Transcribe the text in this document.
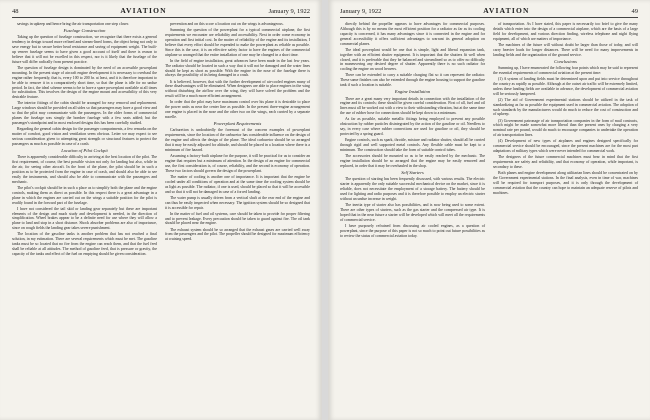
48	AVIATION	January 9, 1922

savings in upkeep and hence bring the air transportation one step closer.

Fuselage Construction

Taking up the question of fuselage construction, we recognize that there exists a general tendency in design toward more refined and stream-lined forms, the object being not only to save energy but to secure better head resistance and saving of equipment weight. The built-up veneer fuselage seems to have given a good account of itself and there is reason to believe that it will not be excelled in this respect, nor is it likely that the fuselage of the future will differ radically from present practice.

The question of fuselage design is dominated by the need of an accessible powerplant mounting. In the present stage of aircraft engine development it is necessary to overhaul the engine rather frequently, that is, every 100 to 200 hr. at least, and it is therefore important to be able to remove it in a comparatively short time, so that the plane is idle for no undue period. In fact, the ideal scheme seems to be to have a spare powerplant available at all times for substitution. This involves the design of the engine mount and accessibility of this very desirable feature.

The interior fittings of the cabin should be arranged for easy removal and replacement. Large windows should be provided on all sides so that passengers may have a good view and so that the pilot may communicate with the passengers. In the older forms of commercial planes the fuselage was simply the bomber fuselage with a few seats added; but the passenger's standpoint and in most enclosed designs this has been carefully studied.

Regarding the general cabin design for the passenger compartments, a few remarks on the matter of comfort, good vision and ventilation seem obvious. Letter we may expect to see serious consideration given to attempting great strength or structural features to protect the passengers as much as possible in case of a crash.

Location of Pilot Cockpit

There is apparently considerable difficulty in arriving at the best location of the pilot. The first requirement, of course, the best possible vision not only for landing but also, while in the air, for seeing other aircraft. In the front of the plane, the pilot should be in such a position as to be protected from the engine in case of crash, and should also be able to see easily the instruments, and should also be able to communicate with the passengers and mechanic.

The pilot's cockpit should be in such a place as to simplify both the plane and the engine controls, making them as direct as possible. In this respect there is a great advantage in a plane in which the engines are carried out on the wings a suitable position for the pilot is readily found in the forward part of the fuselage.

I have not considered the tail skid or landing gear separately but these are important elements of the design and much study and development is needed, in the direction of simplification. Wheel brakes appear to be a definite need for use where they will allow a plane to land and stop in a short distance. Shock absorber problems are also of importance, since on rough fields the landing gear takes severe punishment.

The location of the gasoline tanks is another problem that has not reached a final solution, in my estimation. There are several requirements which must be met. The gasoline tanks must be so located that no fire from the engine can reach them, and that the fuel feed shall be reliable at all attitudes. The method of gasoline feed, that is pressure or gravity, the capacity of the tanks and effect of the fuel on emptying should be given consideration.

prevention and on this score a location out on the wings is advantageous.

Summing the question of the powerplant for a typical commercial airplane, the first requirements we encounter are reliability and accessibility. Next in order come economy in operation and first initial cost. In the matter of reliability of the engine and its installation, I believe that every effort should be expended to make the powerplant as reliable as possible. Since this is the case, it is an effective safety factor to have the engines of the commercial airplane so arranged that the entire installation of one may be changed in a short time.

In the field of engine installation, great advances have been made in the last few years. The radiator should be located in such a way that it will not be damaged and the water lines should be kept as short as possible. With the engine in the nose of the fuselage there is always the possibility of its being damaged in a crash.

It is believed, however, that with the further development of air-cooled engines many of these disadvantages will be eliminated. When designers are able to place engines in the wing without disturbing the airflow over the wing, they will have solved the problem and the result will be a much more efficient arrangement.

In order that the pilot may have maximum control over his plane it is desirable to place the power units as near the center line as possible. In the present three-engine arrangement one engine is placed in the nose and the other two on the wings, each carried by a separate nacelle.

Powerplant Requirements

Carburetion is undoubtedly the foremost of the concern examples of powerplant requirements, since the location of the carburetor has considerable influence on the design of the engine and affects the design of the plane. The ideal carburetor should be so arranged that it may be easily adjusted for altitude, and should be placed in a location where there is a minimum of fire hazard.

Assuming a factory-built airplane for the purpose, it will be practical for us to consider an engine that requires but a minimum of attention. In the design of an engine for commercial use, the first consideration is, of course, reliability, and the second is economy of operation. These two factors should govern the design of the powerplant.

The matter of cooling is another one of importance. It is important that the engine be cooled under all conditions of operation and at the same time the cooling system should be as light as possible. The radiator, if one is used, should be placed so that it will be accessible and so that it will not be damaged in case of a forced landing.

The water pump is usually driven from a vertical shaft at the rear end of the engine and can thus be easily inspected when necessary. The ignition system should be so designed that it is accessible for repair.

In the matter of fuel and oil systems, care should be taken to provide for proper filtering and to prevent leakage. Every precaution should be taken to guard against fire. The oil tank should be placed near the engine.

The exhaust system should be so arranged that the exhaust gases are carried well away from the passengers and the pilot. The propeller should be designed for maximum efficiency at cruising speed.

January 9, 1922	AVIATION	49

directly behind the propeller appears to have advantages for commercial purposes. Although this is by no means the most efficient position for a radiator as far as its cooling capacity is concerned, it has many advantages since it is connected in the engine and for general accessibility it offers sufficient advantages to warrant its general adoption on commercial planes.

The ideal powerplant would be one that is simple, light and liberal expansion tank, together with an efficient shutter equipment. It is important that the shutters fit well when closed, and it is preferable that they be balanced and streamlined so as to offer no difficulty in maneuvering any desired degree of shutter. Apparently there is no such radiator for cooling the engine on wood heavers.

There can be extended to carry a suitable charging flat so it can represent the radiator. These same finishes can also be extended through the engine housing to support the gasoline tank if such a location is suitable.

Engine Installation

There are a great many very important details in connection with the installation of the engine and its controls; these should be given careful consideration. First of all, fuel and oil lines must all be worked out with a view to their withstanding vibration, but at the same time the use of rubber hose for connections should be kept down to a minimum.

As far as possible, suitable metallic fittings being employed to prevent any possible obstruction by rubber particles disintegrated by the action of the gasoline or oil. Needless to say, in every case where rubber connections are used for gasoline or oil, they should be protected by a spring guard.

Engine controls, such as spark, throttle, mixture and radiator shutter, should all be carried through rigid and well supported metal controls. Any flexible cable must be kept to a minimum. The construction should take the form of suitable control tubes.

The accessories should be mounted so as to be easily reached by the mechanic. The engine installation should be so arranged that the engine may be easily removed and replaced, in order that it may be overhauled in the shop.

Self Starters

The question of starting has been frequently discussed, with various results. The electric starter is apparently the only suitable successful mechanical device on the market, since it is reliable, does not necessitate the employment of a storage battery. The battery should be used for lighting and radio purposes and it is therefore possible to employ an electric starter without an undue increase in weight.

The inertia type of starter also has possibilities, and is now being used to some extent. There are other types of starters, such as the gas starter and the compressed air type. It is hoped that in the near future a starter will be developed which will meet all the requirements of commercial service.

I have purposely refrained from discussing air cooled engines, as a question of powerplant, since the purpose of this paper is not so much to point out future possibilities as to review the status of commercial aviation today.

of transportation. As I have stated, this paper is necessarily too brief to give the many details which enter into the design of a commercial airplane, which are the basis of a large field for development, and various direction finding, wireless telephone and night flying equipment, all of which are matters of importance.

The machines of the future will without doubt be larger than those of today, and will carry heavier loads for longer distances. There will be need for many improvements in landing fields and the organization of the ground service.

Conclusions

Summing up, I have enumerated the following four points which may be said to represent the essential requirements of commercial aviation at the present time:

(1) A system of landing fields must be determined upon and put into service throughout the country as rapidly as possible. Although at the outset air traffic will be extremely limited, unless these landing fields are available in advance, the development of commercial aviation will be seriously hampered.

(2) The aid of Government experimental stations should be utilized in the task of standardizing as far as possible the equipment used in commercial aviation. The adoption of such standards by the manufacturers would do much to reduce the cost of construction and of upkeep.

(3) Government patronage of air transportation companies in the form of mail contracts, which might be made somewhat more liberal than the present ones by charging a very nominal rate per pound, would do much to encourage companies to undertake the operation of air transportation lines.

(4) Development of new types of airplanes and engines designed specifically for commercial service should be encouraged, since the present machines are for the most part adaptations of military types which were never intended for commercial work.

The designers of the future commercial machines must bear in mind that the first requirements are safety and reliability, and that economy of operation, while important, is secondary to these.

Both planes and engine development along utilitarian lines should be concentrated on by the Government experimental stations. In the final analysis, even in time of war, machines will be required for transport purposes, and it is only through the development of commercial aviation that the country can hope to maintain an adequate reserve of pilots and machines.
